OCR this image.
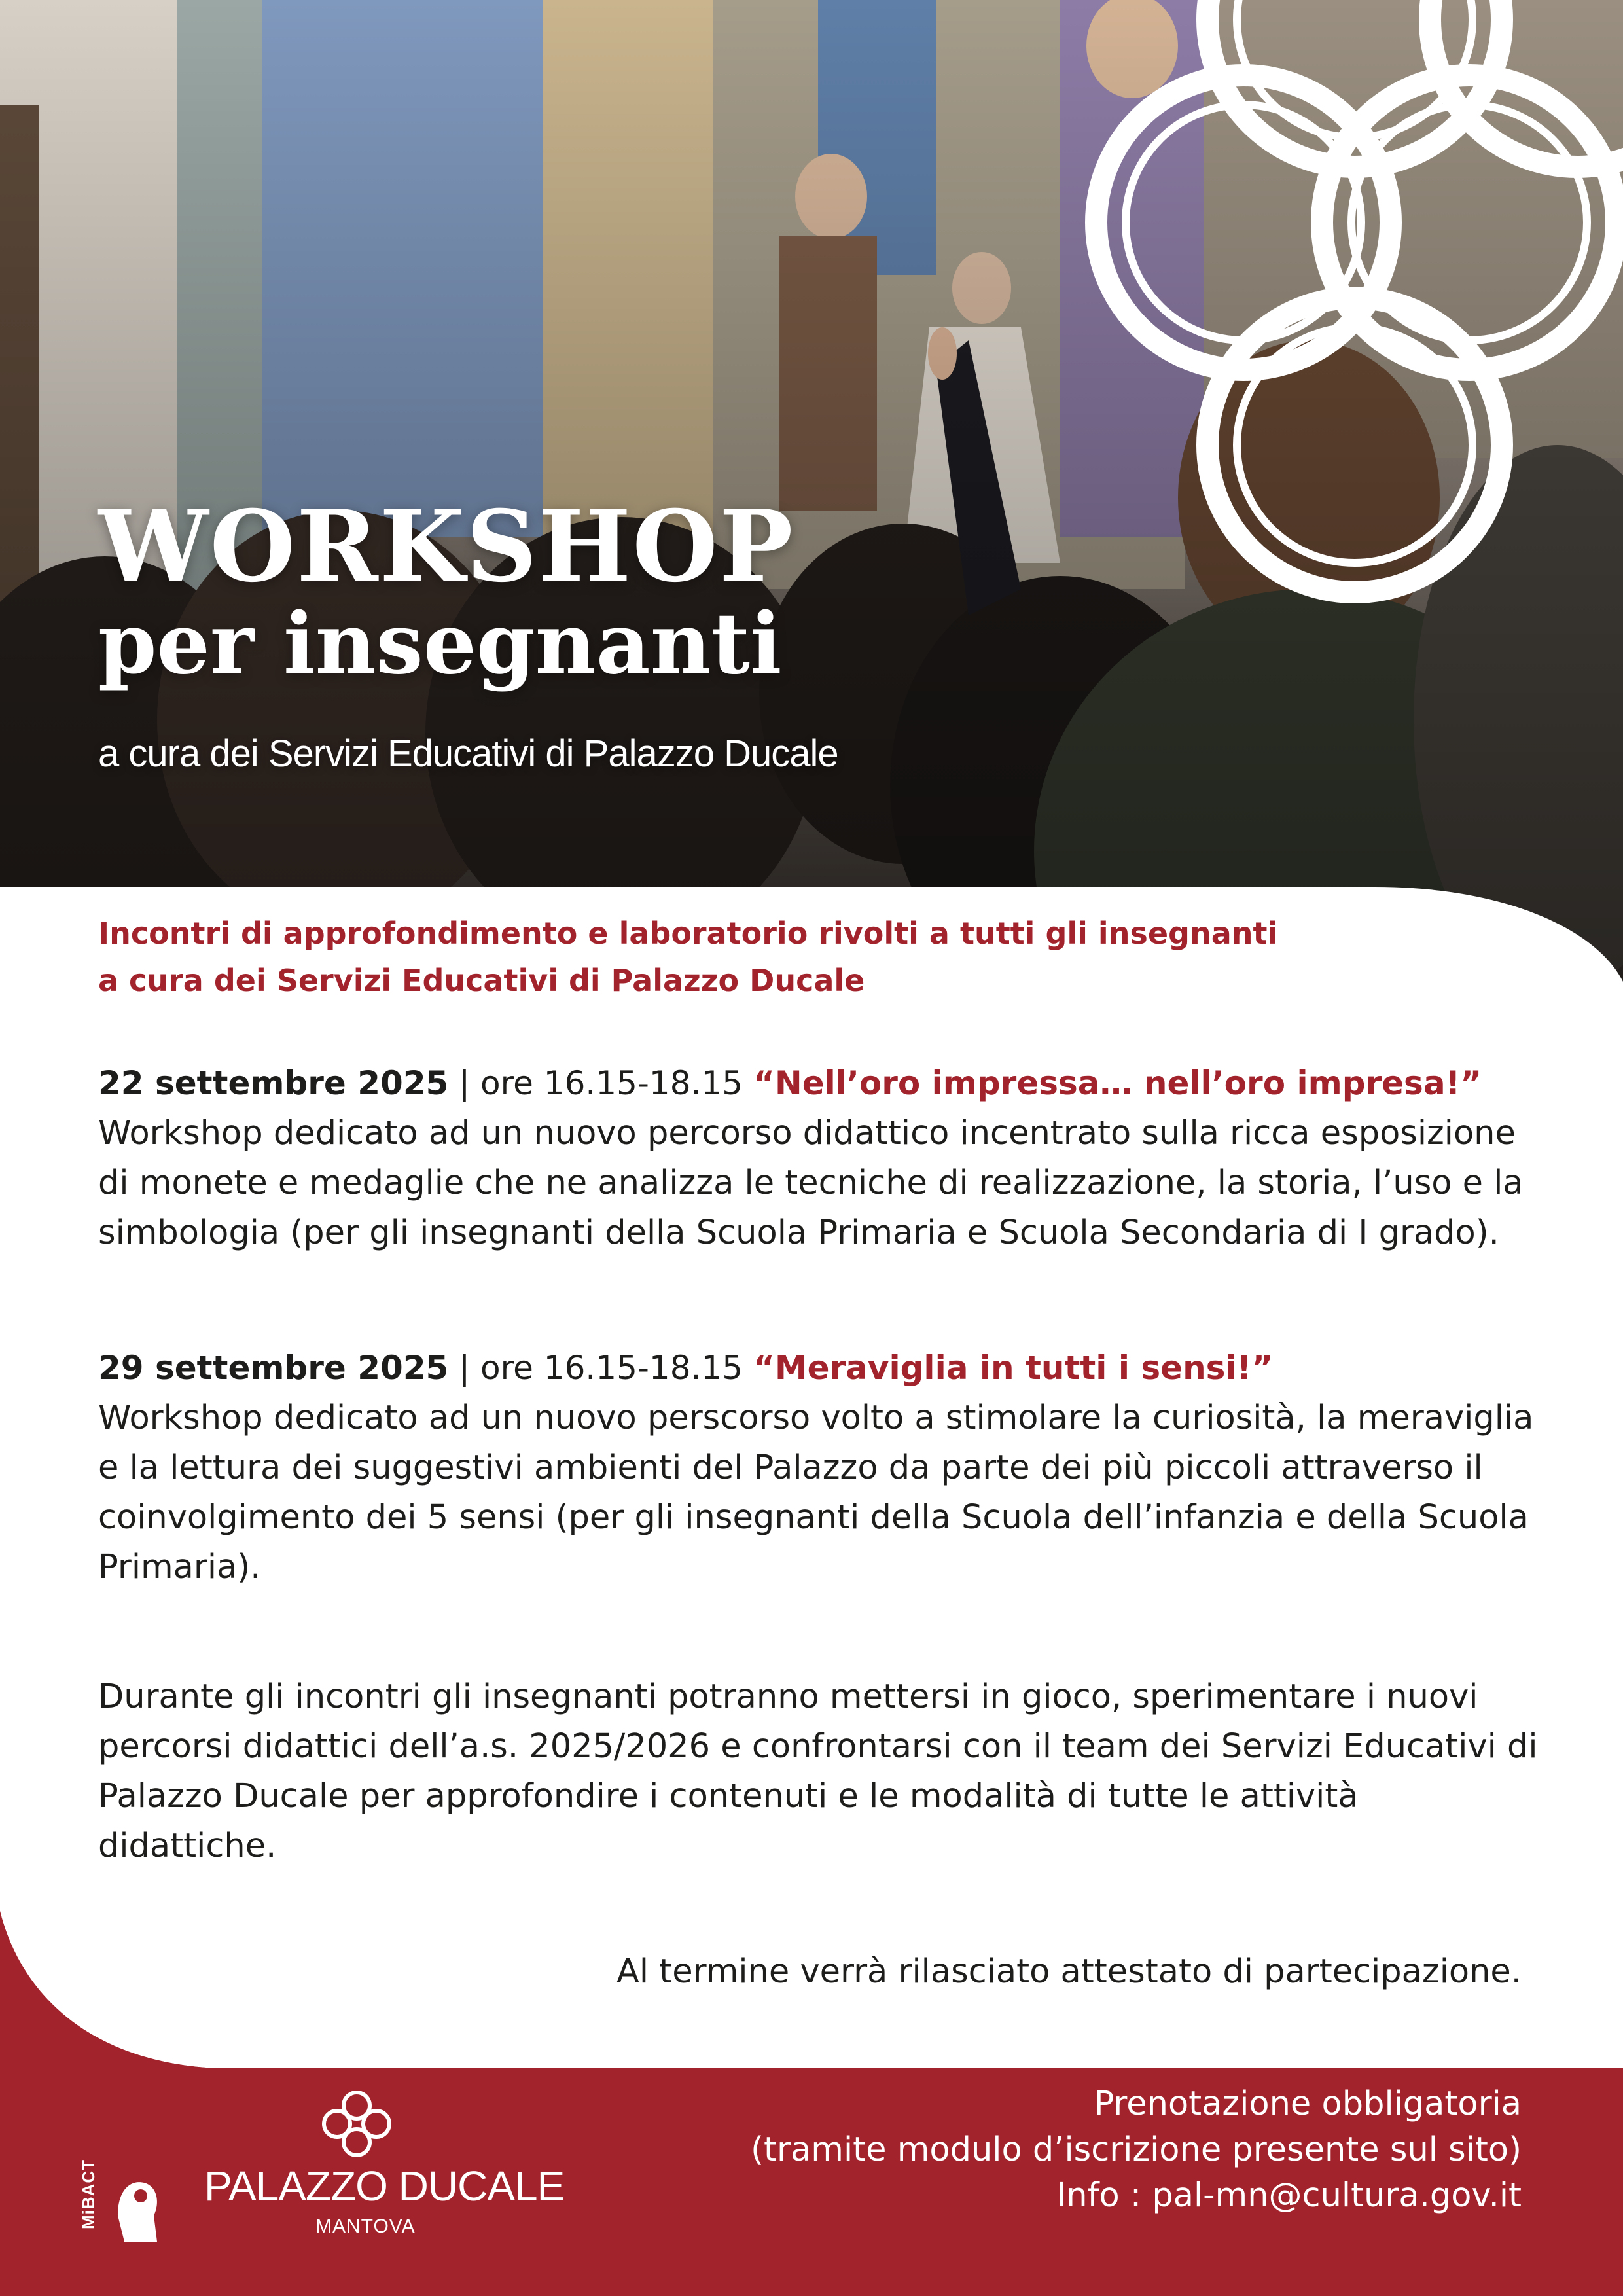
WORKSHOP
per insegnanti
a cura dei Servizi Educativi di Palazzo Ducale
Incontri di approfondimento e laboratorio rivolti a tutti gli insegnanti
a cura dei Servizi Educativi di Palazzo Ducale
22 settembre 2025 | ore 16.15-18.15 “Nell’oro impressa… nell’oro impresa!”
Workshop dedicato ad un nuovo percorso didattico incentrato sulla ricca esposizione di monete e medaglie che ne analizza le tecniche di realizzazione, la storia, l’uso e la simbologia (per gli insegnanti della Scuola Primaria e Scuola Secondaria di I grado).
29 settembre 2025 | ore 16.15-18.15 “Meraviglia in tutti i sensi!”
Workshop dedicato ad un nuovo perscorso volto a stimolare la curiosità, la meraviglia e la lettura dei suggestivi ambienti del Palazzo da parte dei più piccoli attraverso il coinvolgimento dei 5 sensi (per gli insegnanti della Scuola dell’infanzia e della Scuola Primaria).
Durante gli incontri gli insegnanti potranno mettersi in gioco, sperimentare i nuovi percorsi didattici dell’a.s. 2025/2026 e confrontarsi con il team dei Servizi Educativi di Palazzo Ducale per approfondire i contenuti e le modalità di tutte le attività didattiche.
Al termine verrà rilasciato attestato di partecipazione.
Prenotazione obbligatoria
(tramite modulo d’iscrizione presente sul sito)
Info : pal-mn@cultura.gov.it
MiBACT	PALAZZO DUCALE
MANTOVA
